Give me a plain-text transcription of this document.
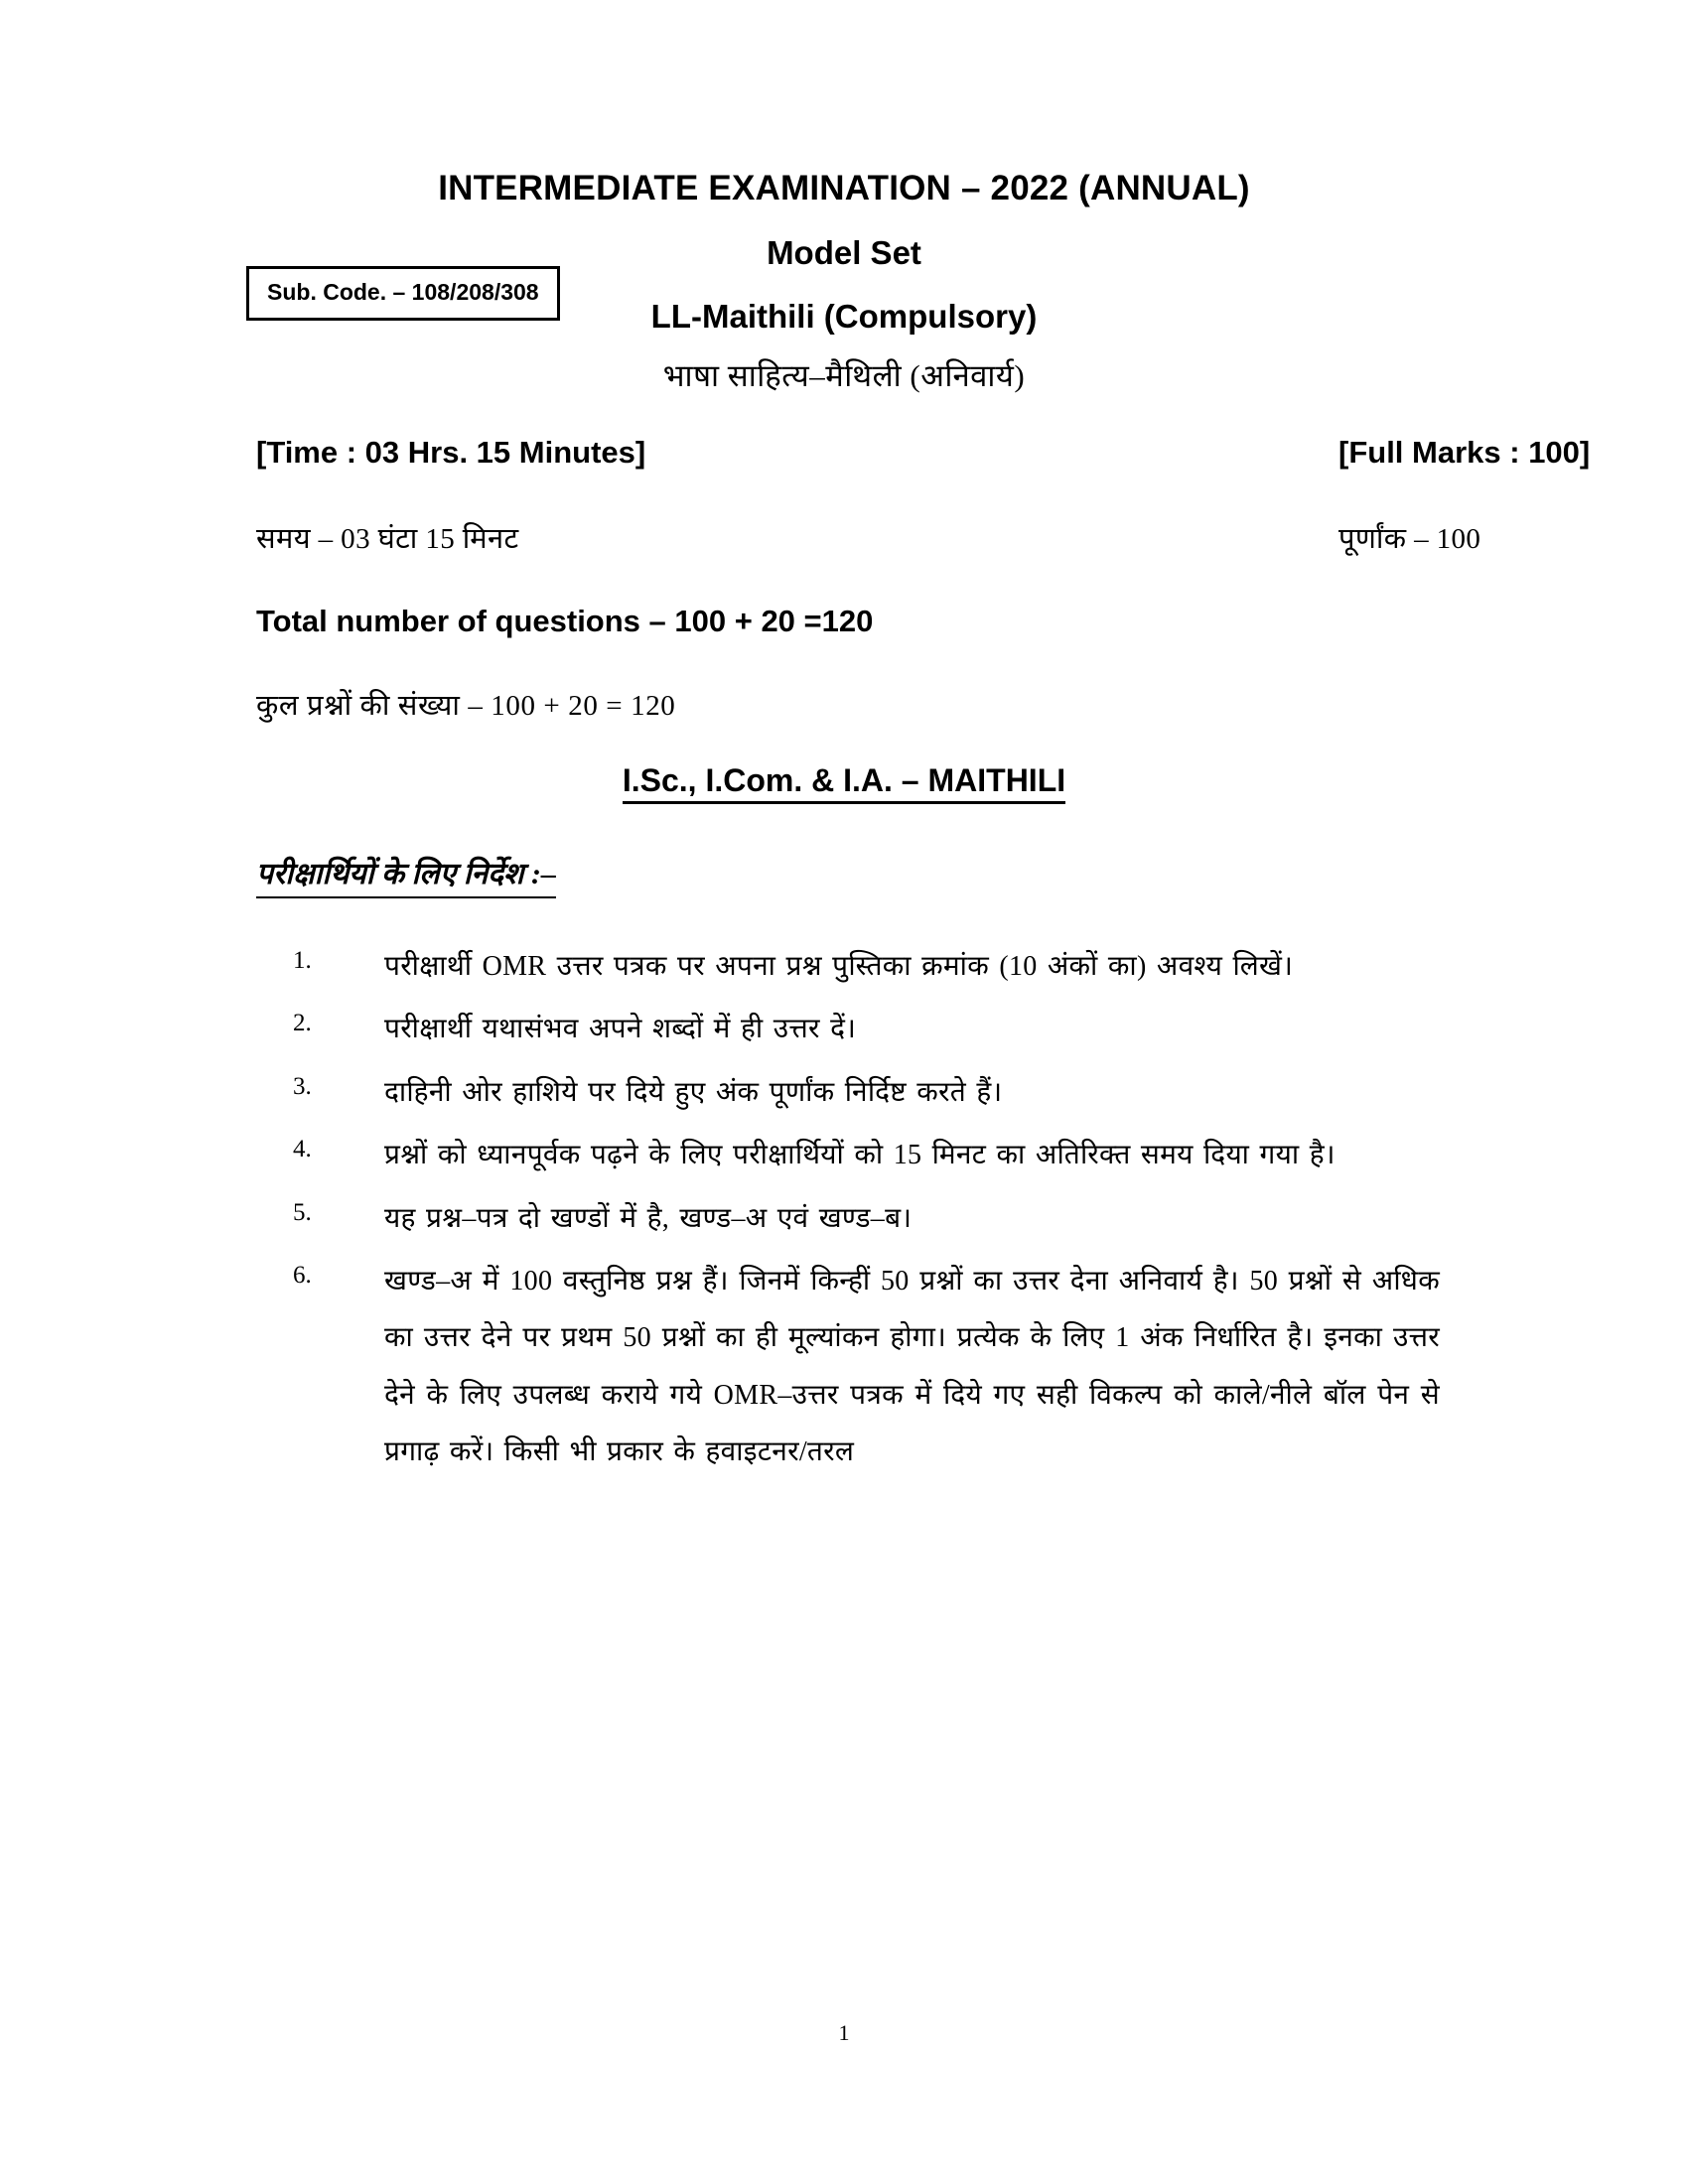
INTERMEDIATE EXAMINATION – 2022 (ANNUAL)
Model Set
LL-Maithili (Compulsory)
भाषा साहित्य–मैथिली (अनिवार्य)
Sub. Code. – 108/208/308
[Time : 03 Hrs. 15 Minutes]	[Full Marks : 100]
समय – 03 घंटा 15 मिनट	पूर्णांक – 100
Total number of questions – 100 + 20 =120
कुल प्रश्नों की संख्या – 100 + 20 = 120
I.Sc., I.Com. & I.A. – MAITHILI
परीक्षार्थियों के लिए निर्देश :–
1.	परीक्षार्थी OMR उत्तर पत्रक पर अपना प्रश्न पुस्तिका क्रमांक (10 अंकों का) अवश्य लिखें।
2.	परीक्षार्थी यथासंभव अपने शब्दों में ही उत्तर दें।
3.	दाहिनी ओर हाशिये पर दिये हुए अंक पूर्णांक निर्दिष्ट करते हैं।
4.	प्रश्नों को ध्यानपूर्वक पढ़ने के लिए परीक्षार्थियों को 15 मिनट का अतिरिक्त समय दिया गया है।
5.	यह प्रश्न–पत्र दो खण्डों में है, खण्ड–अ एवं खण्ड–ब।
6.	खण्ड–अ में 100 वस्तुनिष्ठ प्रश्न हैं। जिनमें किन्हीं 50 प्रश्नों का उत्तर देना अनिवार्य है। 50 प्रश्नों से अधिक का उत्तर देने पर प्रथम 50 प्रश्नों का ही मूल्यांकन होगा। प्रत्येक के लिए 1 अंक निर्धारित है। इनका उत्तर देने के लिए उपलब्ध कराये गये OMR–उत्तर पत्रक में दिये गए सही विकल्प को काले/नीले बॉल पेन से प्रगाढ़ करें। किसी भी प्रकार के हवाइटनर/तरल
1
